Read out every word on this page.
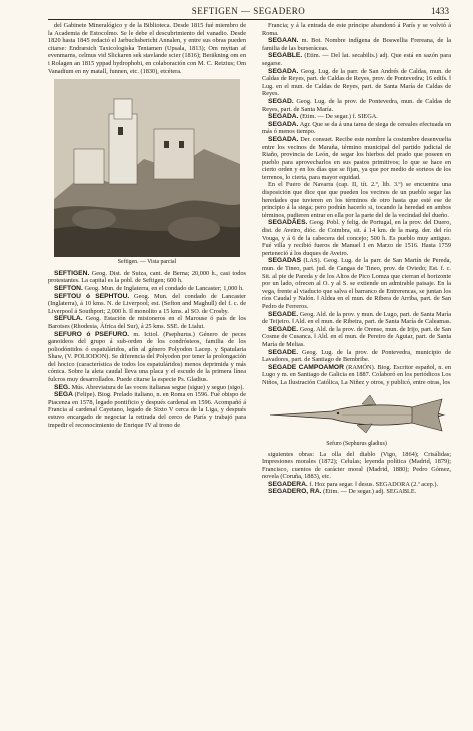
SEFTIGEN — SEGADERO	1433

del Gabinete Mineralógico y de la Biblioteca. Desde 1815 fué miembro de la Academia de Estocolmo. Se le debe el descubrimiento del vanadio. Desde 1820 hasta 1845 redactó el Jarbuchsbericht Annalen, y entre sus obras pueden citarse: Endrarsich Taxicologiska Tentamen (Upsala, 1813); Om myttan af evenmarns, celmus vid Slickaren sek stavlande scier (1816); Beräkning om en i Rolagen an 1815 yppad hydrophobi, en colaboración con M. C. Retzius; Om Vanadium en ny matall, funnen, etc. (1830), etcétera.

Seftigen. — Vista parcial

SEFTIGEN. Geog. Dist. de Suiza, cant. de Berna; 20,000 h., casi todos protestantes. La capital es la pobl. de Seftigen; 600 h.

SEFTON. Geog. Mun. de Inglaterra, en el condado de Lancaster; 1,000 h.

SEFTOU ó SEPHTOU. Geog. Mun. del condado de Lancaster (Inglaterra), á 10 kms. N. de Liverpool; est. (Sefton and Maghull) del f. c. de Liverpool á Southport; 2,000 h. Il monolito a 15 kms. al SO. de Crosby.

SEFULA. Geog. Estación de misioneros en el Marouse ó país de los Barotses (Rhodesia, África del Sur), á 25 kms. SSE. de Lialui.

SEFURO ó PSEFURO. m. Ictiol. (Psephurus.) Género de peces ganoideos del grupo á sub-orden de los condrósteos, familia de los poliodóntidos ó espatuláridos, afín al género Polyodon Lacep. y Spatularia Shaw, (V. POLIODON). Se diferencia del Polyodon por tener la prolongación del hocico (característica de todos los espatuláridos) menos deprimida y más cónica. Sobre la aleta caudal lleva una placa y el escudo de la primera línea fulcros muy desarrollados. Puede citarse la especie Ps. Gladius.

SEG. Mús. Abreviatura de las voces italianas segue (sigue) y seguo (sigo).

SEGA (Felipe). Biog. Prelado italiano, n. en Roma en 1596. Fué obispo de Piacenza en 1578, legado pontificio y después cardenal en 1596. Acompañó á Francia al cardenal Cayetano, legado de Sixto V cerca de la Liga, y después estuvo encargado de negociar la retirada del cerco de París y trabajó para impedir el reconocimiento de Enrique IV al trono de

Francia; y á la entrada de este príncipe abandonó á París y se volvió á Roma.

SEGAAN. m. Bot. Nombre indígena de Boswellia Frereana, de la familia de las burseráceas.

SEGABLE. (Etim. — Del lat. secabilis.) adj. Que está en sazón para segarse.

SEGADA. Geog. Lug. de la parr. de San Andrés de Caldas, mun. de Caldas de Reyes, part. de Caldas de Reyes, prov. de Pontevedra; 16 edifs. ‖ Lug. en el mun. de Caldas de Reyes, part. de Santa María de Caldas de Reyes.

SEGAD. Geog. Lug. de la prov. de Pontevedra, mun. de Caldas de Reyes, part. de Santa María.

SEGADA. (Etim. — De segar.) f. SIEGA.

SEGADA. Agr. Que se da á una tarea de siega de cereales efectuada en más ó menos tiempo.

SEGADA. Der. consuet. Recibe este nombre la costumbre desenvuelta entre los vecinos de Maraña, término municipal del partido judicial de Riaño, provincia de León, de segar los hierbos del prado que poseen en pueblo para aprovecharlos en sus pastos primitivos; lo que se hace en cierto orden y en los días que se fijan, ya que por medio de sorteos de los terrenos, lo cierta, para mayor equidad.

En el Fuero de Navarra (cap. II, tít. 2.º, lib. 3.º) se encuentra una disposición que dice que que pueden los vecinos de un pueblo segar las heredades que tuvieren en los términos de otro hasta que esté ese de principio á la siega; pero podrán hacerlo si, tocando la heredad en ambos términos, pudieren entrar en ella por la parte del de la vecindad del dueño.

SEGADÃES. Geog. Pobl. y felig. de Portugal, en la prov. del Duero, dist. de Aveiro, dióc. de Coimbra, sit. á 14 km. de la marg. der. del río Vouga, y á 6 de la cabecera del concejo; 500 h. Es pueblo muy antiguo. Fué villa y recibió fueros de Manuel I en Marzo de 1516. Hasta 1759 perteneció á los duques de Aveiro.

SEGADAS (LAS). Geog. Lug. de la parr. de San Martín de Pereda, mun. de Tineo, part. jud. de Cangas de Tineo, prov. de Oviedo; Est. f. c. Sit. al pie de Pareda y de los Altos de Pico Lomza que cierran el horizonte por un lado, ofrecen al O. y al S. se extiende un admirable paisaje. En la vega, frente al viaducto que salva el barranco de Entrerencas, se juntan los ríos Caudal y Nalón. ‖ Aldea en el mun. de Ribera de Arriba, part. de San Pedro de Ferreros.

SEGADE. Geog. Ald. de la prov. y mun. de Lugo, part. de Santa María de Teijeiro. ‖ Ald. en el mun. de Ribeira, part. de Santa María de Caleamas.

SEGADE. Geog. Ald. de la prov. de Orense, mun. de Irijo, part. de San Cosme de Cusanca. ‖ Ald. en el mun. de Pereiro de Aguiar, part. de Santa María de Melias.

SEGADE. Geog. Lug. de la prov. de Pontevedra, municipio de Lavadores, part. de Santiago de Bembribe.

SEGADE CAMPOAMOR (RAMÓN). Biog. Escritor español, n. en Lugo y m. en Santiago de Galicia en 1887. Colaboró en los periódicos Los Niños, La Ilustración Católica, La Niñez y otros, y publicó, entre otras, los

Sefuro (Sephurus gladius)

siguientes obras: La olla del diablo (Vigo, 1864); Crisálidas; Impresiones morales (1872); Celulas; leyenda política (Madrid, 1879); Francisco, cuentos de carácter moral (Madrid, 1880); Pedro Gómez, novela (Coruña, 1883), etc.

SEGADERA. f. Hoz para segar. ‖ desus. SEGADORA (2.ª acep.).

SEGADERO, RA. (Etim. — De segar.) adj. SEGABLE.
